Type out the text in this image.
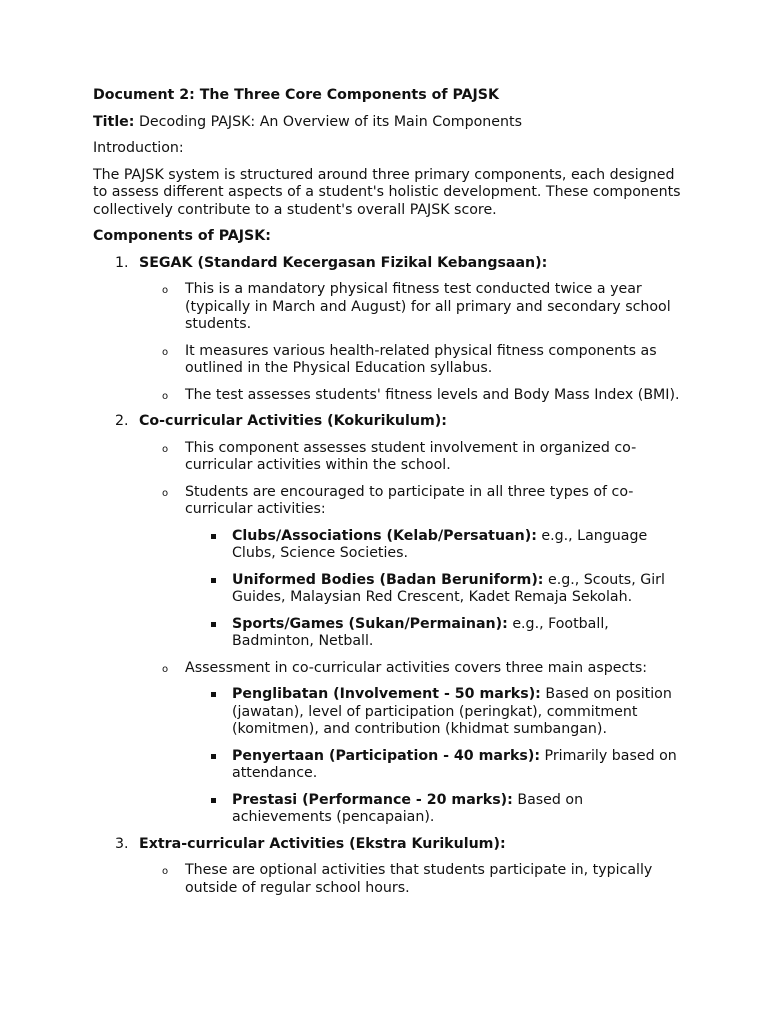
Document 2: The Three Core Components of PAJSK

Title: Decoding PAJSK: An Overview of its Main Components

Introduction:

The PAJSK system is structured around three primary components, each designed to assess different aspects of a student's holistic development. These components collectively contribute to a student's overall PAJSK score.

Components of PAJSK:

1. SEGAK (Standard Kecergasan Fizikal Kebangsaan):
o This is a mandatory physical fitness test conducted twice a year (typically in March and August) for all primary and secondary school students.
o It measures various health-related physical fitness components as outlined in the Physical Education syllabus.
o The test assesses students' fitness levels and Body Mass Index (BMI).
2. Co-curricular Activities (Kokurikulum):
o This component assesses student involvement in organized co-curricular activities within the school.
o Students are encouraged to participate in all three types of co-curricular activities:
Clubs/Associations (Kelab/Persatuan): e.g., Language Clubs, Science Societies.
Uniformed Bodies (Badan Beruniform): e.g., Scouts, Girl Guides, Malaysian Red Crescent, Kadet Remaja Sekolah.
Sports/Games (Sukan/Permainan): e.g., Football, Badminton, Netball.
o Assessment in co-curricular activities covers three main aspects:
Penglibatan (Involvement - 50 marks): Based on position (jawatan), level of participation (peringkat), commitment (komitmen), and contribution (khidmat sumbangan).
Penyertaan (Participation - 40 marks): Primarily based on attendance.
Prestasi (Performance - 20 marks): Based on achievements (pencapaian).
3. Extra-curricular Activities (Ekstra Kurikulum):
o These are optional activities that students participate in, typically outside of regular school hours.
